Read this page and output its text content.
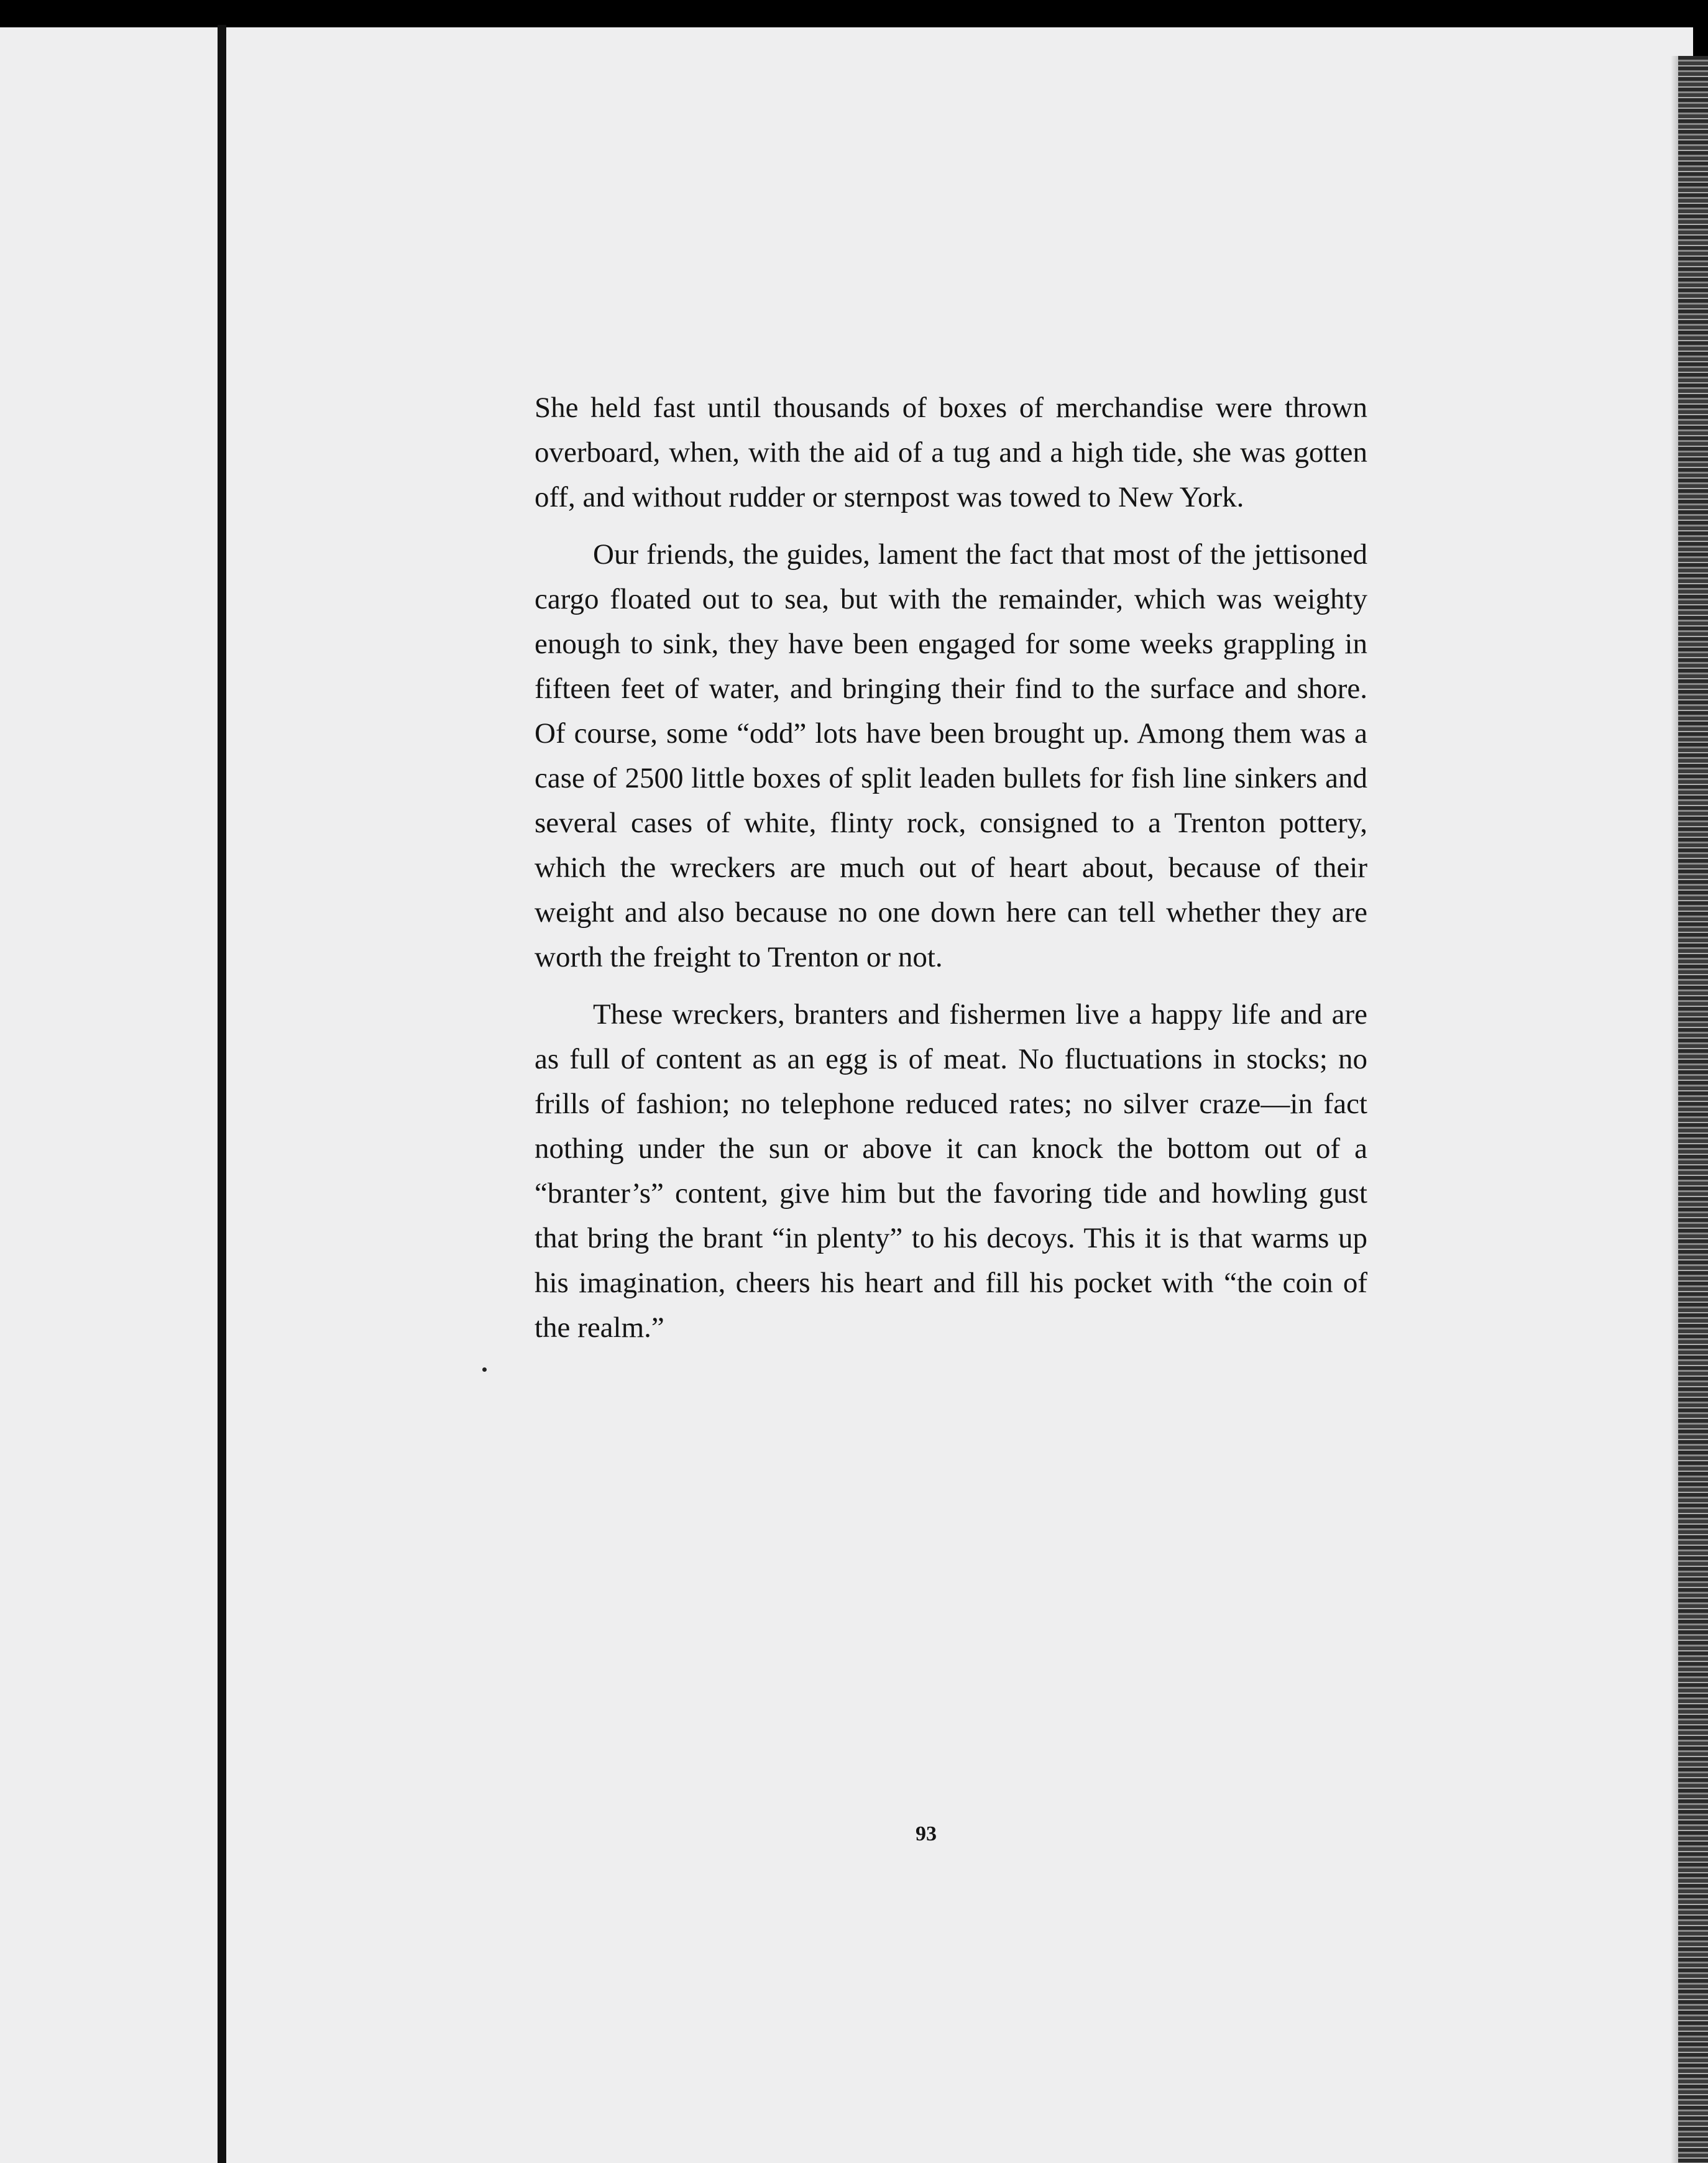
She held fast until thousands of boxes of merchandise were thrown overboard, when, with the aid of a tug and a high tide, she was gotten off, and without rudder or sternpost was towed to New York.

Our friends, the guides, lament the fact that most of the jettisoned cargo floated out to sea, but with the remainder, which was weighty enough to sink, they have been engaged for some weeks grappling in fifteen feet of water, and bringing their find to the surface and shore. Of course, some “odd” lots have been brought up. Among them was a case of 2500 little boxes of split leaden bullets for fish line sinkers and several cases of white, flinty rock, consigned to a Trenton pottery, which the wreckers are much out of heart about, because of their weight and also because no one down here can tell whether they are worth the freight to Trenton or not.

These wreckers, branters and fishermen live a happy life and are as full of content as an egg is of meat. No fluctuations in stocks; no frills of fashion; no telephone reduced rates; no silver craze—in fact nothing under the sun or above it can knock the bottom out of a “branter’s” content, give him but the favoring tide and howling gust that bring the brant “in plenty” to his decoys. This it is that warms up his imagination, cheers his heart and fill his pocket with “the coin of the realm.”

93
